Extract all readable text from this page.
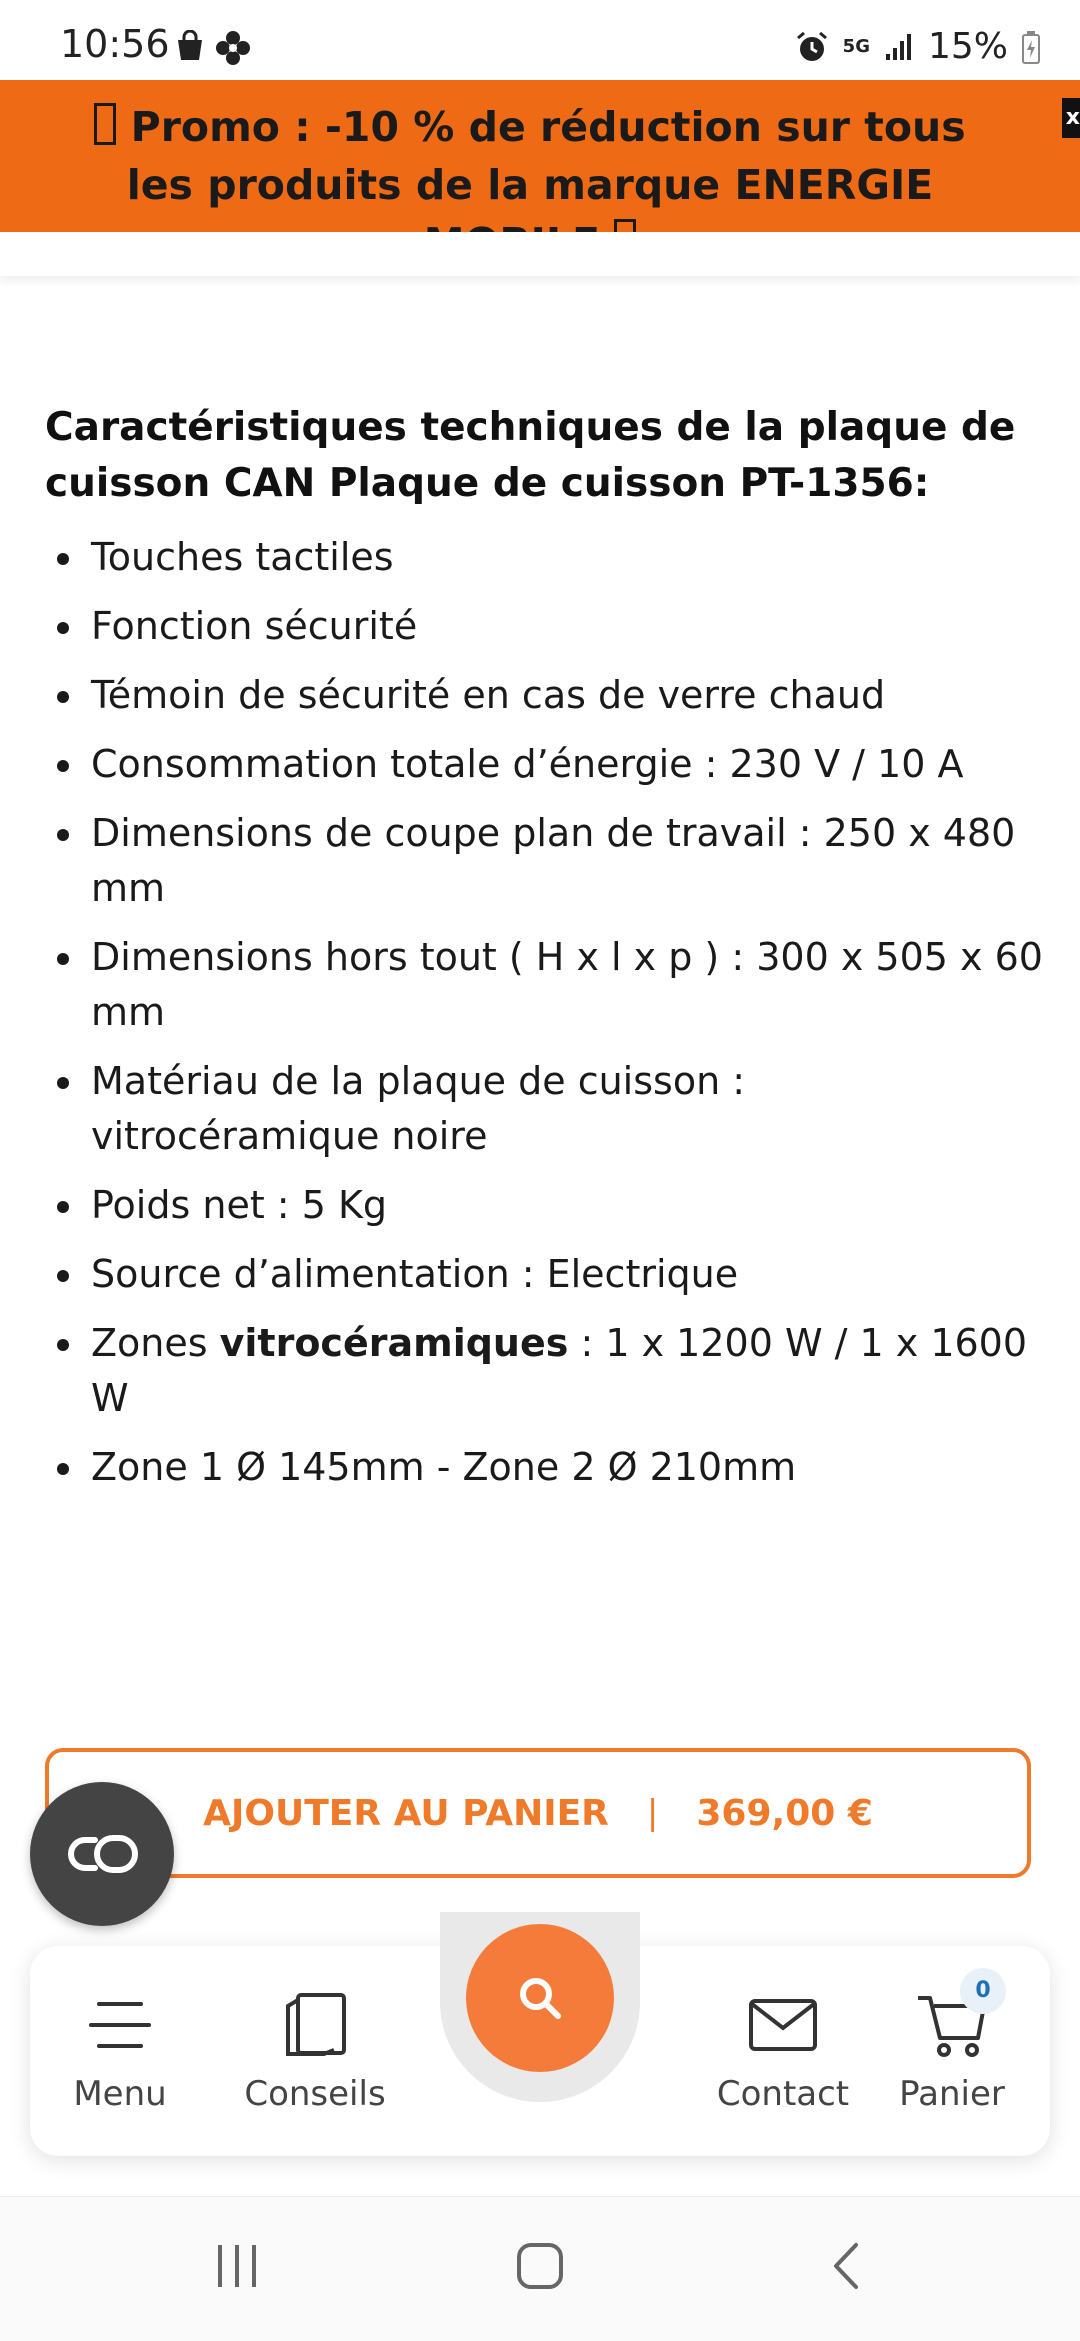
10:56	5G 15%
Promo : -10 % de réduction sur tous les produits de la marque ENERGIE
x
Caractéristiques techniques de la plaque de cuisson CAN Plaque de cuisson PT-1356:
Touches tactiles
Fonction sécurité
Témoin de sécurité en cas de verre chaud
Consommation totale d’énergie : 230 V / 10 A
Dimensions de coupe plan de travail : 250 x 480 mm
Dimensions hors tout ( H x l x p ) : 300 x 505 x 60 mm
Matériau de la plaque de cuisson : vitrocéramique noire
Poids net : 5 Kg
Source d’alimentation : Electrique
Zones vitrocéramiques : 1 x 1200 W / 1 x 1600 W
Zone 1 Ø 145mm - Zone 2 Ø 210mm
AJOUTER AU PANIER | 369,00 €
Menu	Conseils	Contact	Panier
0
